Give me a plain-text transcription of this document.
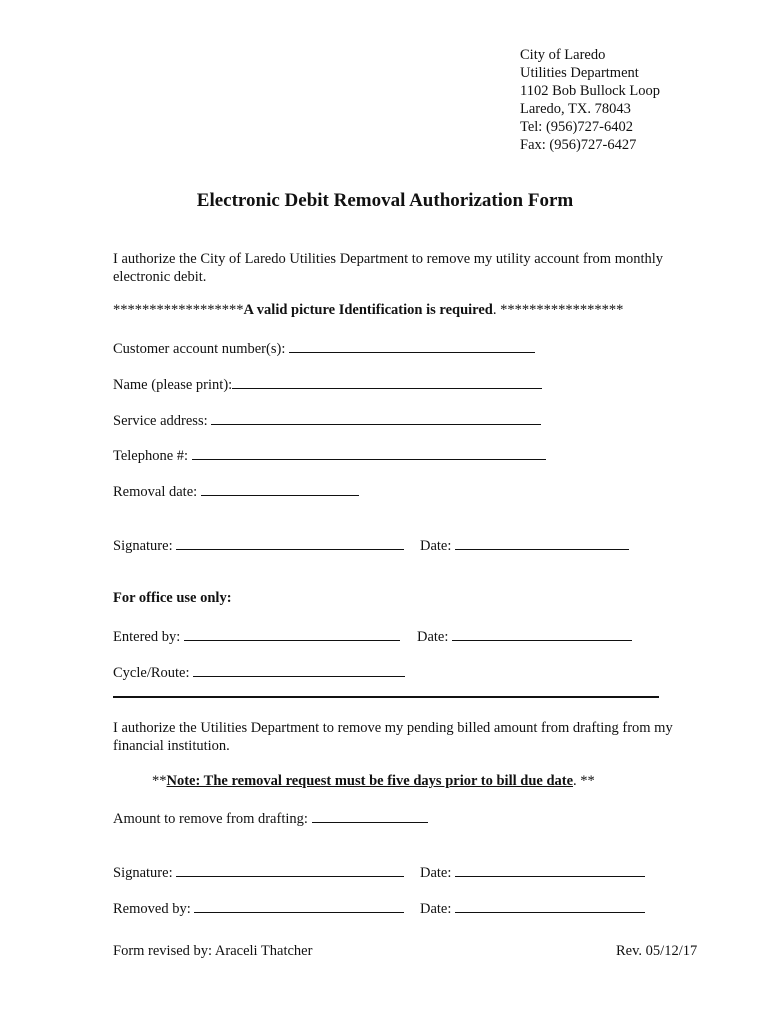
City of Laredo
Utilities Department
1102 Bob Bullock Loop
Laredo, TX. 78043
Tel: (956)727-6402
Fax: (956)727-6427
Electronic Debit Removal Authorization Form
I authorize the City of Laredo Utilities Department to remove my utility account from monthly electronic debit.
******************A valid picture Identification is required. *****************
Customer account number(s):
Name (please print):
Service address:
Telephone #:
Removal date:
Signature:	Date:
For office use only:
Entered by:	Date:
Cycle/Route:
I authorize the Utilities Department to remove my pending billed amount from drafting from my financial institution.
**Note: The removal request must be five days prior to bill due date. **
Amount to remove from drafting:
Signature:	Date:
Removed by:	Date:
Form revised by: Araceli Thatcher	Rev. 05/12/17
